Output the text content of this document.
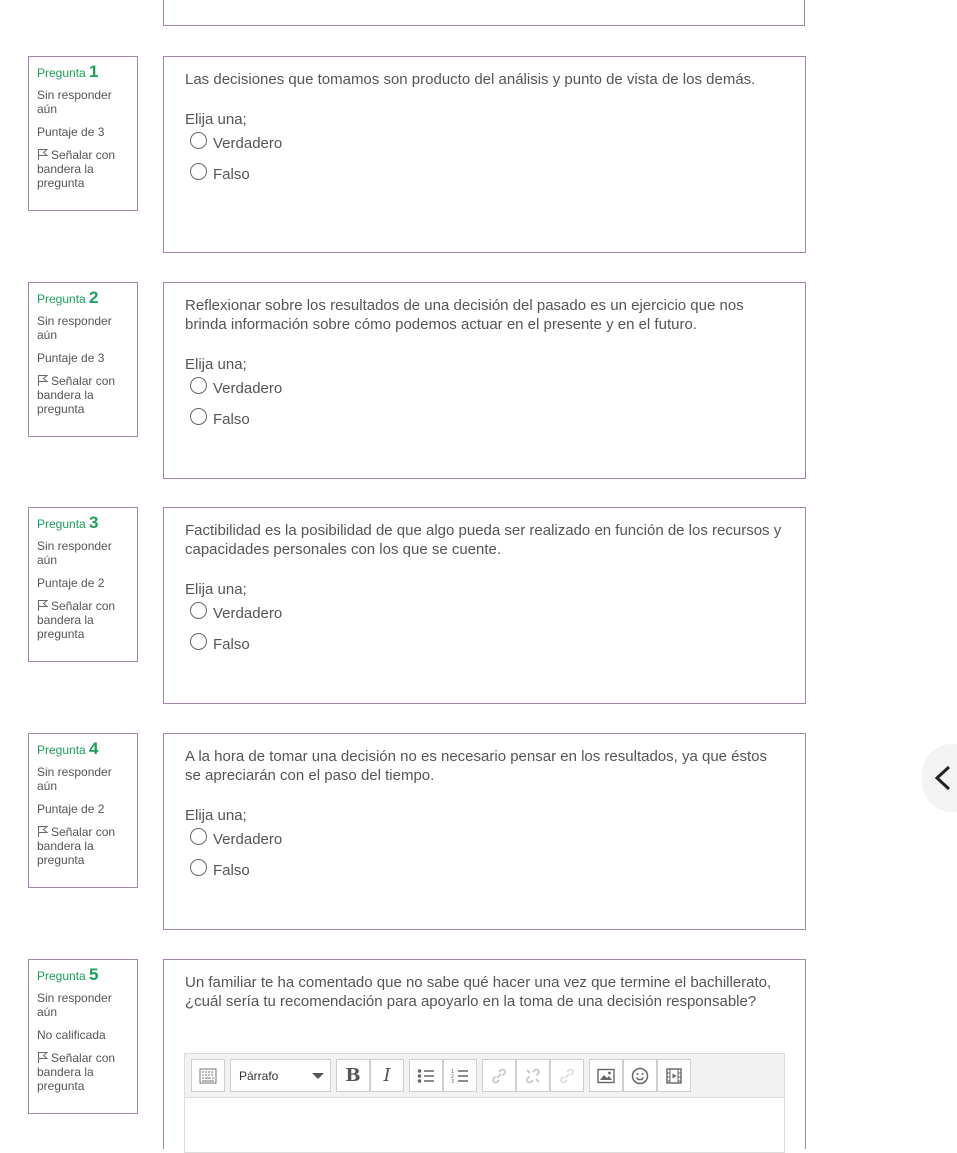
Pregunta 1
Sin responder aún
Puntaje de 3
Señalar con bandera la pregunta
Las decisiones que tomamos son producto del análisis y punto de vista de los demás.
Elija una;
Verdadero
Falso
Pregunta 2
Sin responder aún
Puntaje de 3
Señalar con bandera la pregunta
Reflexionar sobre los resultados de una decisión del pasado es un ejercicio que nos brinda información sobre cómo podemos actuar en el presente y en el futuro.
Elija una;
Verdadero
Falso
Pregunta 3
Sin responder aún
Puntaje de 2
Señalar con bandera la pregunta
Factibilidad es la posibilidad de que algo pueda ser realizado en función de los recursos y capacidades personales con los que se cuente.
Elija una;
Verdadero
Falso
Pregunta 4
Sin responder aún
Puntaje de 2
Señalar con bandera la pregunta
A la hora de tomar una decisión no es necesario pensar en los resultados, ya que éstos se apreciarán con el paso del tiempo.
Elija una;
Verdadero
Falso
Pregunta 5
Sin responder aún
No calificada
Señalar con bandera la pregunta
Un familiar te ha comentado que no sabe qué hacer una vez que termine el bachillerato, ¿cuál sería tu recomendación para apoyarlo en la toma de una decisión responsable?
Párrafo	B	I	1
2
3
